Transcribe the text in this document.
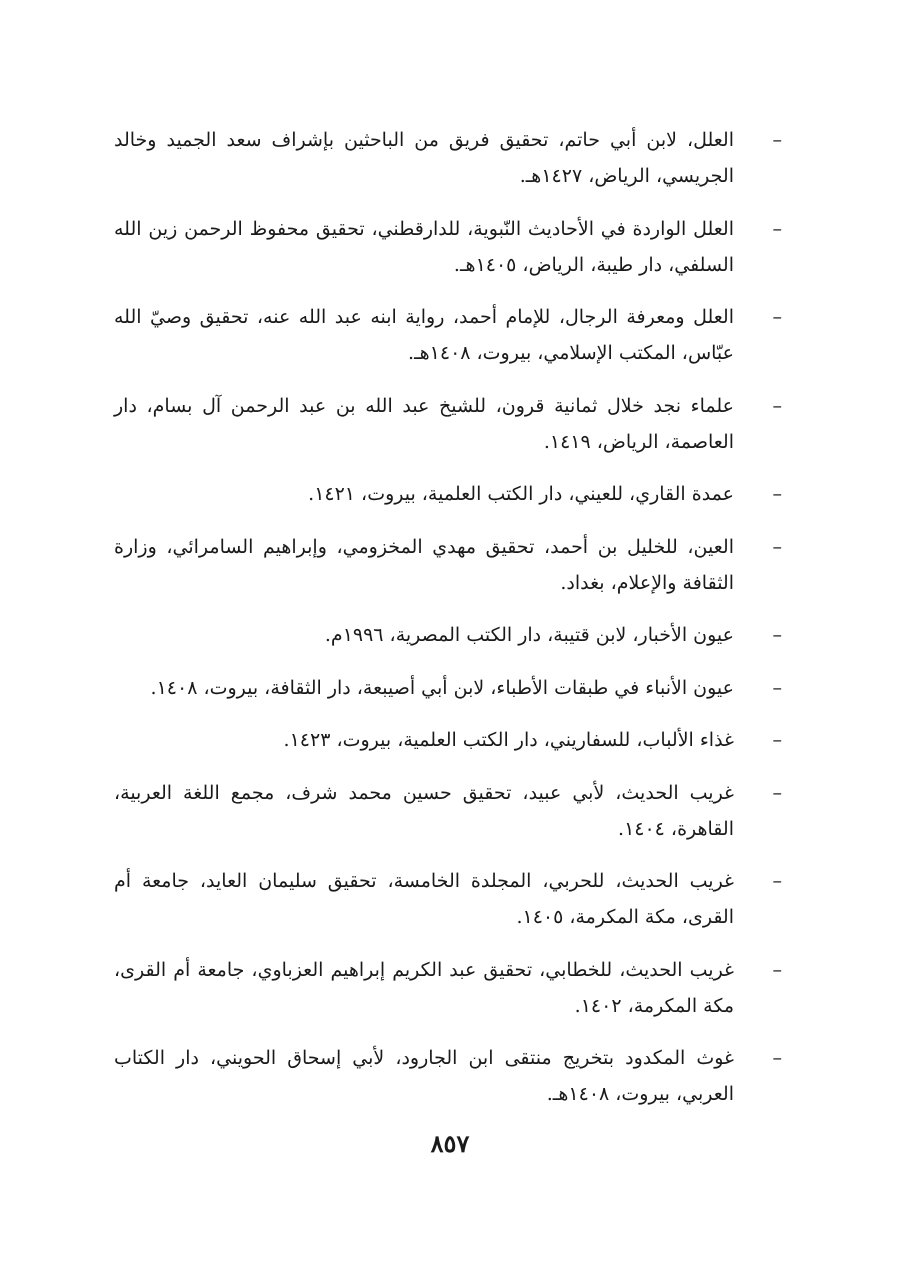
–
العلل، لابن أبي حاتم، تحقيق فريق من الباحثين بإشراف سعد الجميد وخالد الجريسي، الرياض، ١٤٢٧هـ.
–
العلل الواردة في الأحاديث النّبوية، للدارقطني، تحقيق محفوظ الرحمن زين الله السلفي، دار طيبة، الرياض، ١٤٠٥هـ.
–
العلل ومعرفة الرجال، للإمام أحمد، رواية ابنه عبد الله عنه، تحقيق وصيّ الله عبّاس، المكتب الإسلامي، بيروت، ١٤٠٨هـ.
–
علماء نجد خلال ثمانية قرون، للشيخ عبد الله بن عبد الرحمن آل بسام، دار العاصمة، الرياض، ١٤١٩.
–
عمدة القاري، للعيني، دار الكتب العلمية، بيروت، ١٤٢١.
–
العين، للخليل بن أحمد، تحقيق مهدي المخزومي، وإبراهيم السامرائي، وزارة الثقافة والإعلام، بغداد.
–
عيون الأخبار، لابن قتيبة، دار الكتب المصرية، ١٩٩٦م.
–
عيون الأنباء في طبقات الأطباء، لابن أبي أصيبعة، دار الثقافة، بيروت، ١٤٠٨.
–
غذاء الألباب، للسفاريني، دار الكتب العلمية، بيروت، ١٤٢٣.
–
غريب الحديث، لأبي عبيد، تحقيق حسين محمد شرف، مجمع اللغة العربية، القاهرة، ١٤٠٤.
–
غريب الحديث، للحربي، المجلدة الخامسة، تحقيق سليمان العايد، جامعة أم القرى، مكة المكرمة، ١٤٠٥.
–
غريب الحديث، للخطابي، تحقيق عبد الكريم إبراهيم العزباوي، جامعة أم القرى، مكة المكرمة، ١٤٠٢.
–
غوث المكدود بتخريج منتقى ابن الجارود، لأبي إسحاق الحويني، دار الكتاب العربي، بيروت، ١٤٠٨هـ.
٨٥٧
